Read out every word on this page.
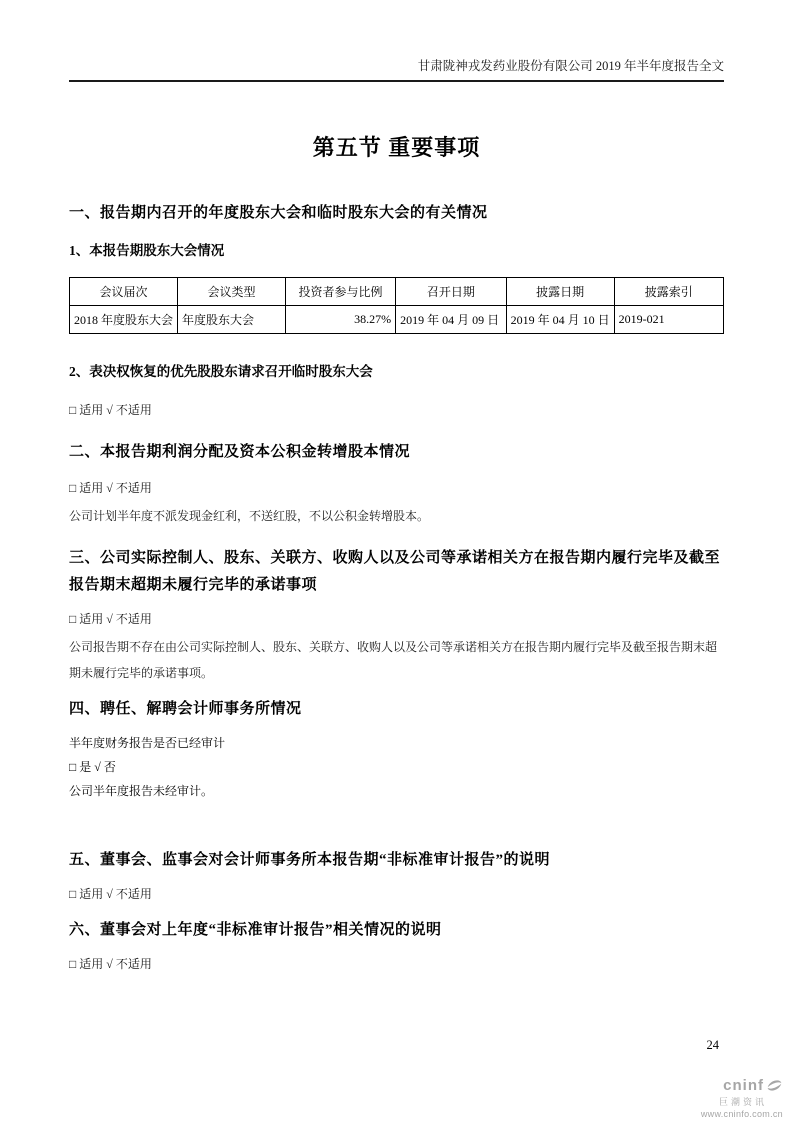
甘肃陇神戎发药业股份有限公司 2019 年半年度报告全文
第五节 重要事项
一、报告期内召开的年度股东大会和临时股东大会的有关情况
1、本报告期股东大会情况
会议届次	会议类型	投资者参与比例	召开日期	披露日期	披露索引
2018 年度股东大会	年度股东大会	38.27%	2019 年 04 月 09 日	2019 年 04 月 10 日	2019-021
2、表决权恢复的优先股股东请求召开临时股东大会
□ 适用 √ 不适用
二、本报告期利润分配及资本公积金转增股本情况
□ 适用 √ 不适用
公司计划半年度不派发现金红利，不送红股，不以公积金转增股本。
三、公司实际控制人、股东、关联方、收购人以及公司等承诺相关方在报告期内履行完毕及截至报告期末超期未履行完毕的承诺事项
□ 适用 √ 不适用
公司报告期不存在由公司实际控制人、股东、关联方、收购人以及公司等承诺相关方在报告期内履行完毕及截至报告期末超期未履行完毕的承诺事项。
四、聘任、解聘会计师事务所情况
半年度财务报告是否已经审计
□ 是 √ 否
公司半年度报告未经审计。
五、董事会、监事会对会计师事务所本报告期“非标准审计报告”的说明
□ 适用 √ 不适用
六、董事会对上年度“非标准审计报告”相关情况的说明
□ 适用 √ 不适用
24
cninf
巨潮资讯
www.cninfo.com.cn
